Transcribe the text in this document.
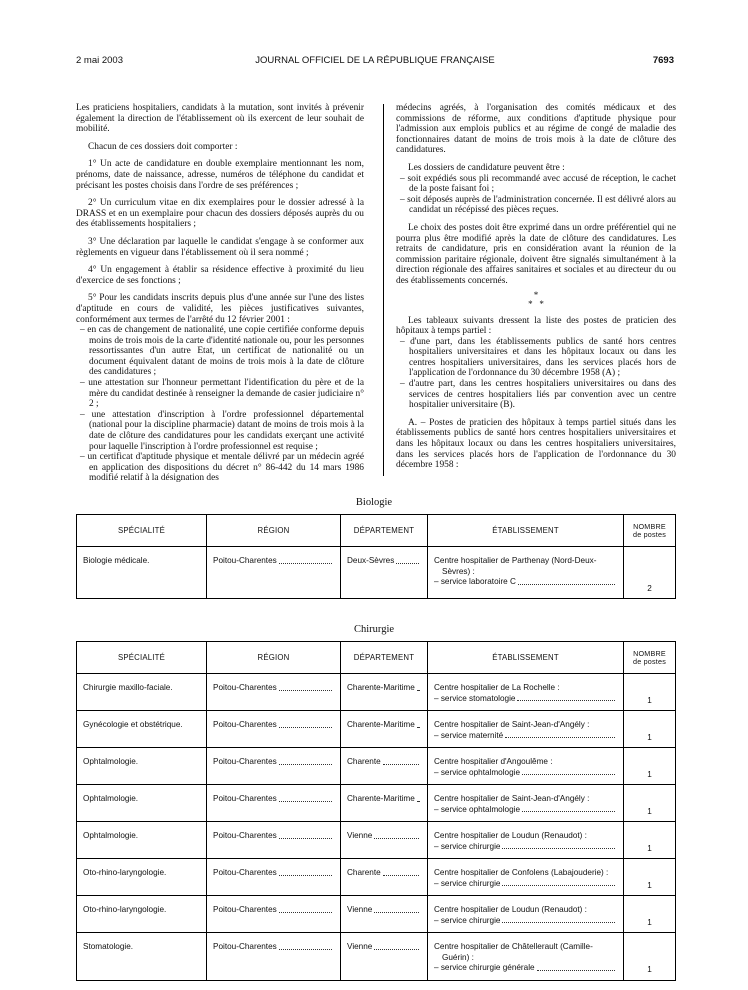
2 mai 2003	JOURNAL OFFICIEL DE LA RÉPUBLIQUE FRANÇAISE	7693

Les praticiens hospitaliers, candidats à la mutation, sont invités à prévenir également la direction de l'établissement où ils exercent de leur souhait de mobilité.

Chacun de ces dossiers doit comporter :

1° Un acte de candidature en double exemplaire mentionnant les nom, prénoms, date de naissance, adresse, numéros de téléphone du candidat et précisant les postes choisis dans l'ordre de ses préférences ;

2° Un curriculum vitae en dix exemplaires pour le dossier adressé à la DRASS et en un exemplaire pour chacun des dossiers déposés auprès du ou des établissements hospitaliers ;

3° Une déclaration par laquelle le candidat s'engage à se conformer aux règlements en vigueur dans l'établissement où il sera nommé ;

4° Un engagement à établir sa résidence effective à proximité du lieu d'exercice de ses fonctions ;

5° Pour les candidats inscrits depuis plus d'une année sur l'une des listes d'aptitude en cours de validité, les pièces justificatives suivantes, conformément aux termes de l'arrêté du 12 février 2001 :

– en cas de changement de nationalité, une copie certifiée conforme depuis moins de trois mois de la carte d'identité nationale ou, pour les personnes ressortissantes d'un autre Etat, un certificat de nationalité ou un document équivalent datant de moins de trois mois à la date de clôture des candidatures ;

– une attestation sur l'honneur permettant l'identification du père et de la mère du candidat destinée à renseigner la demande de casier judiciaire n° 2 ;

– une attestation d'inscription à l'ordre professionnel départemental (national pour la discipline pharmacie) datant de moins de trois mois à la date de clôture des candidatures pour les candidats exerçant une activité pour laquelle l'inscription à l'ordre professionnel est requise ;

– un certificat d'aptitude physique et mentale délivré par un médecin agréé en application des dispositions du décret n° 86-442 du 14 mars 1986 modifié relatif à la désignation des

médecins agréés, à l'organisation des comités médicaux et des commissions de réforme, aux conditions d'aptitude physique pour l'admission aux emplois publics et au régime de congé de maladie des fonctionnaires datant de moins de trois mois à la date de clôture des candidatures.

Les dossiers de candidature peuvent être :

– soit expédiés sous pli recommandé avec accusé de réception, le cachet de la poste faisant foi ;

– soit déposés auprès de l'administration concernée. Il est délivré alors au candidat un récépissé des pièces reçues.

Le choix des postes doit être exprimé dans un ordre préférentiel qui ne pourra plus être modifié après la date de clôture des candidatures. Les retraits de candidature, pris en considération avant la réunion de la commission paritaire régionale, doivent être signalés simultanément à la direction régionale des affaires sanitaires et sociales et au directeur du ou des établissements concernés.

*
*   *

Les tableaux suivants dressent la liste des postes de praticien des hôpitaux à temps partiel :

– d'une part, dans les établissements publics de santé hors centres hospitaliers universitaires et dans les hôpitaux locaux ou dans les centres hospitaliers universitaires, dans les services placés hors de l'application de l'ordonnance du 30 décembre 1958 (A) ;

– d'autre part, dans les centres hospitaliers universitaires ou dans des services de centres hospitaliers liés par convention avec un centre hospitalier universitaire (B).

A. – Postes de praticien des hôpitaux à temps partiel situés dans les établissements publics de santé hors centres hospitaliers universitaires et dans les hôpitaux locaux ou dans les centres hospitaliers universitaires, dans les services placés hors de l'application de l'ordonnance du 30 décembre 1958 :

Biologie
SPÉCIALITÉ	RÉGION	DÉPARTEMENT	ÉTABLISSEMENT	NOMBRE
de postes

Biologie médicale.	Poitou-Charentes	Deux-Sèvres	Centre hospitalier de Parthenay (Nord-Deux-
Sèvres) :
– service laboratoire C	2
Chirurgie
SPÉCIALITÉ	RÉGION	DÉPARTEMENT	ÉTABLISSEMENT	NOMBRE
de postes

Chirurgie maxillo-faciale.	Poitou-Charentes	Charente-Maritime	Centre hospitalier de La Rochelle :
– service stomatologie	1

Gynécologie et obstétrique.	Poitou-Charentes	Charente-Maritime	Centre hospitalier de Saint-Jean-d'Angély :
– service maternité	1

Ophtalmologie.	Poitou-Charentes	Charente	Centre hospitalier d'Angoulême :
– service ophtalmologie	1

Ophtalmologie.	Poitou-Charentes	Charente-Maritime	Centre hospitalier de Saint-Jean-d'Angély :
– service ophtalmologie	1

Ophtalmologie.	Poitou-Charentes	Vienne	Centre hospitalier de Loudun (Renaudot) :
– service chirurgie	1

Oto-rhino-laryngologie.	Poitou-Charentes	Charente	Centre hospitalier de Confolens (Labajouderie) :
– service chirurgie	1

Oto-rhino-laryngologie.	Poitou-Charentes	Vienne	Centre hospitalier de Loudun (Renaudot) :
– service chirurgie	1

Stomatologie.	Poitou-Charentes	Vienne	Centre hospitalier de Châtellerault (Camille-
Guérin) :
– service chirurgie générale	1
